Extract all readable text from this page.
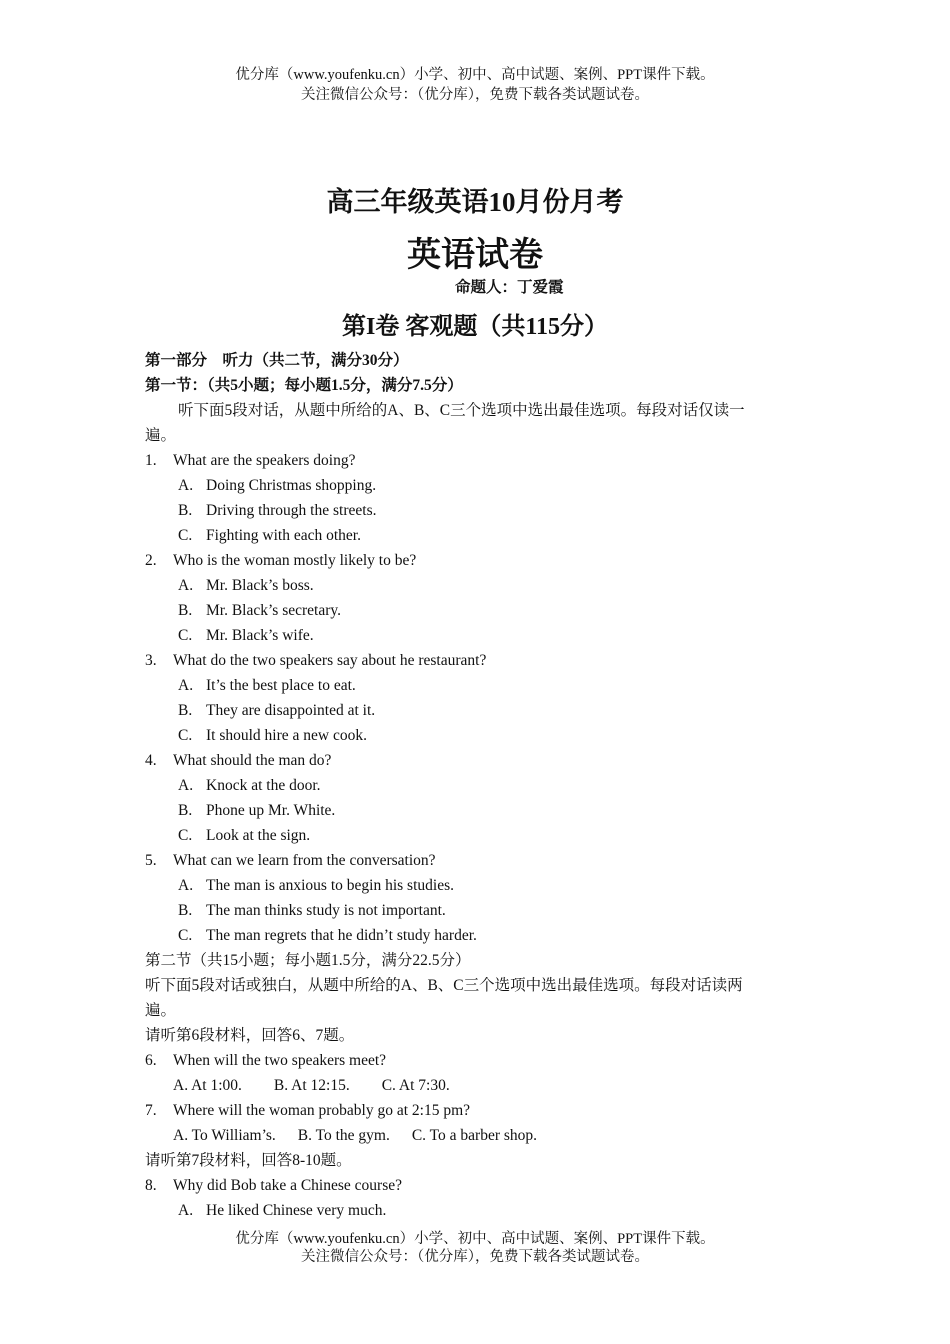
优分库（www.youfenku.cn）小学、初中、高中试题、案例、PPT课件下载。
关注微信公众号：（优分库），免费下载各类试题试卷。
高三年级英语10月份月考
英语试卷
命题人：丁爱霞
第I卷 客观题（共115分）
第一部分　听力（共二节，满分30分）
第一节：（共5小题；每小题1.5分，满分7.5分）
听下面5段对话，从题中所给的A、B、C三个选项中选出最佳选项。每段对话仅读一
遍。
1.	What are the speakers doing?
A. Doing Christmas shopping.
B. Driving through the streets.
C. Fighting with each other.
2.	Who is the woman mostly likely to be?
A. Mr. Black’s boss.
B. Mr. Black’s secretary.
C. Mr. Black’s wife.
3.	What do the two speakers say about he restaurant?
A. It’s the best place to eat.
B. They are disappointed at it.
C. It should hire a new cook.
4.	What should the man do?
A. Knock at the door.
B. Phone up Mr. White.
C. Look at the sign.
5.	What can we learn from the conversation?
A. The man is anxious to begin his studies.
B. The man thinks study is not important.
C. The man regrets that he didn’t study harder.
第二节（共15小题；每小题1.5分，满分22.5分）
听下面5段对话或独白，从题中所给的A、B、C三个选项中选出最佳选项。每段对话读两
遍。
请听第6段材料，回答6、7题。
6.	When will the two speakers meet?
A. At 1:00. B. At 12:15. C. At 7:30.
7.	Where will the woman probably go at 2:15 pm?
A. To William’s. B. To the gym. C. To a barber shop.
请听第7段材料，回答8-10题。
8.	Why did Bob take a Chinese course?
A. He liked Chinese very much.
优分库（www.youfenku.cn）小学、初中、高中试题、案例、PPT课件下载。
关注微信公众号：（优分库），免费下载各类试题试卷。
